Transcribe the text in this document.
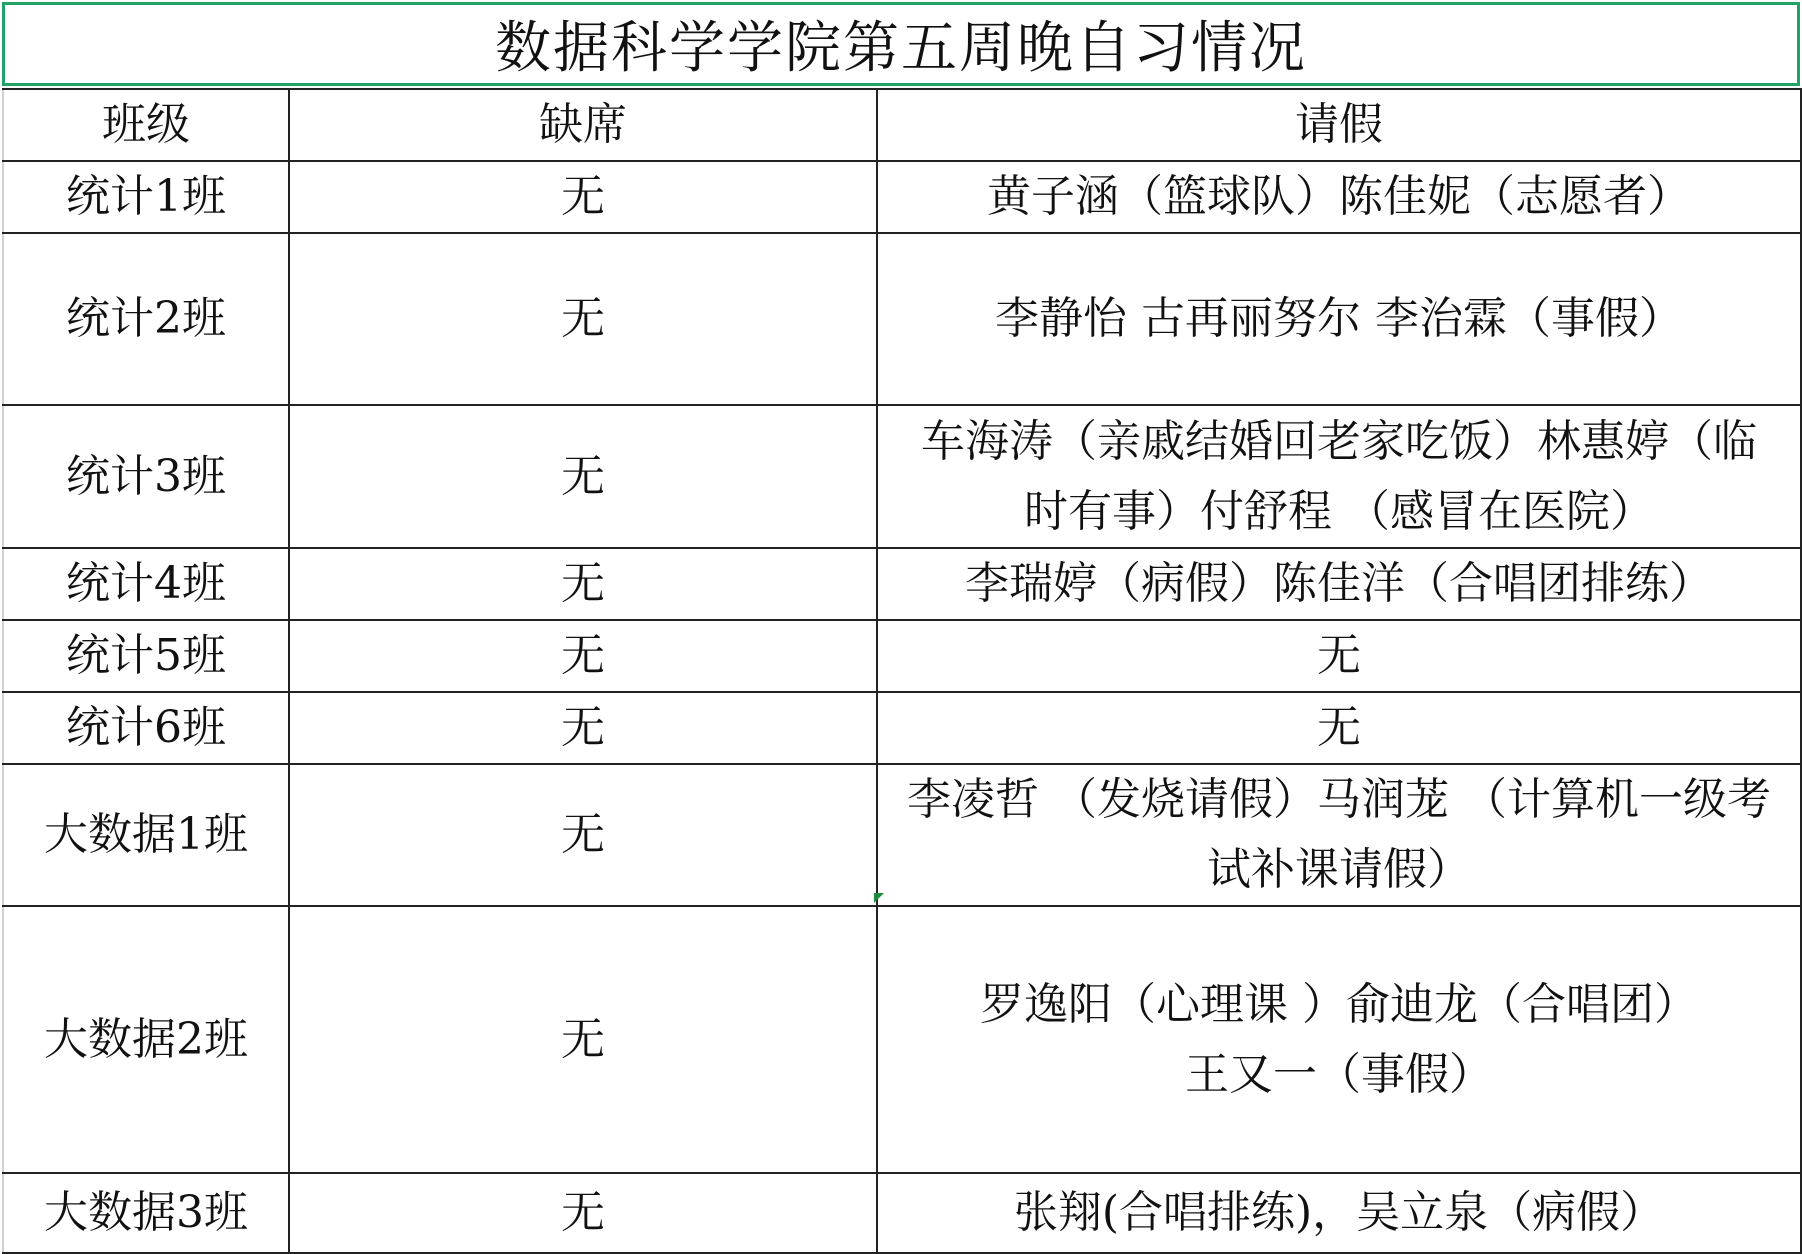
数据科学学院第五周晚自习情况
班级	缺席	请假
统计1班	无	黄子涵（篮球队）陈佳妮（志愿者）

统计2班	无	李静怡 古再丽努尔 李治霖（事假）

统计3班	无	车海涛（亲戚结婚回老家吃饭）林惠婷（临
时有事）付舒程 （感冒在医院）

统计4班	无	李瑞婷（病假）陈佳洋（合唱团排练）

统计5班	无	无

统计6班	无	无

大数据1班	无	李凌哲 （发烧请假）马润茏 （计算机一级考
试补课请假）

大数据2班	无	罗逸阳（心理课 ）俞迪龙（合唱团）
王又一（事假）

大数据3班	无	张翔(合唱排练)，吴立泉（病假）
